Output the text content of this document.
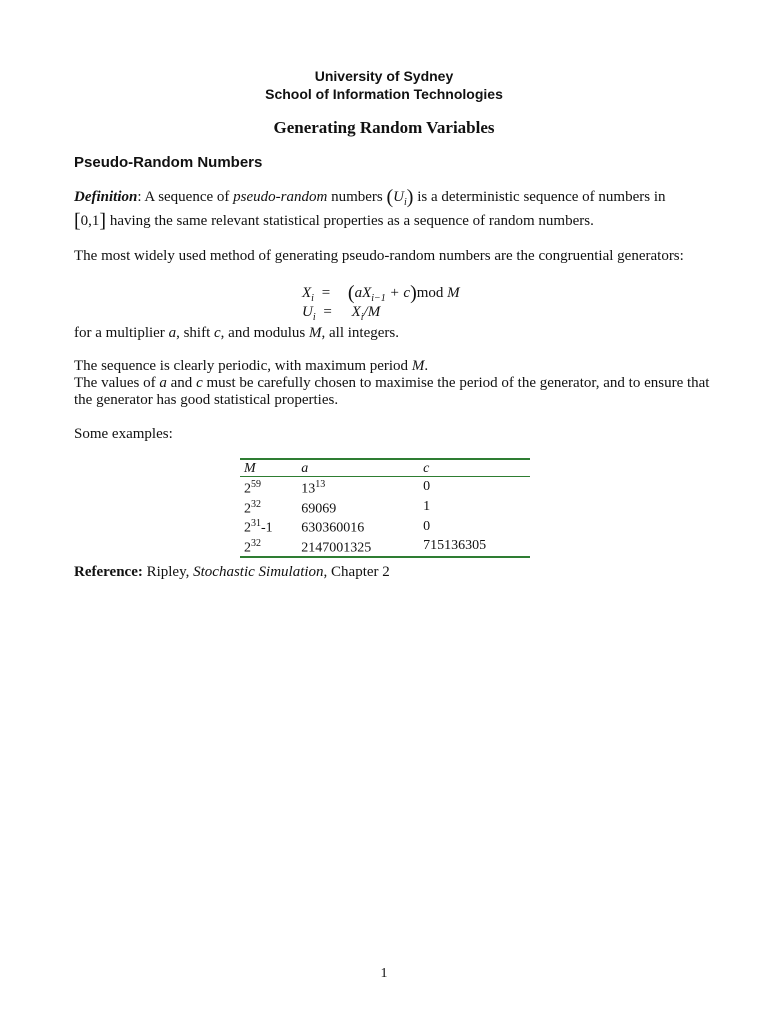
University of Sydney
School of Information Technologies
Generating Random Variables
Pseudo-Random Numbers
Definition: A sequence of pseudo-random numbers $(U_i)$ is a deterministic sequence of numbers in
[0,1] having the same relevant statistical properties as a sequence of random numbers.
The most widely used method of generating pseudo-random numbers are the congruential generators:
$X_i = (aX_{i-1} + c)mod$ M
$U_i = X_i/M$
for a multiplier a, shift c, and modulus M, all integers.
The sequence is clearly periodic, with maximum period M.
The values of a and c must be carefully chosen to maximise the period of the generator, and to ensure that the generator has good statistical properties.
Some examples:
M	a	c
$2^{59}$	$13^{13}$	0
$2^{32}$	69069	1
$2^{31}-1$	630360016	0
$2^{32}$	2147001325	715136305
Reference: Ripley, Stochastic Simulation, Chapter 2
1
